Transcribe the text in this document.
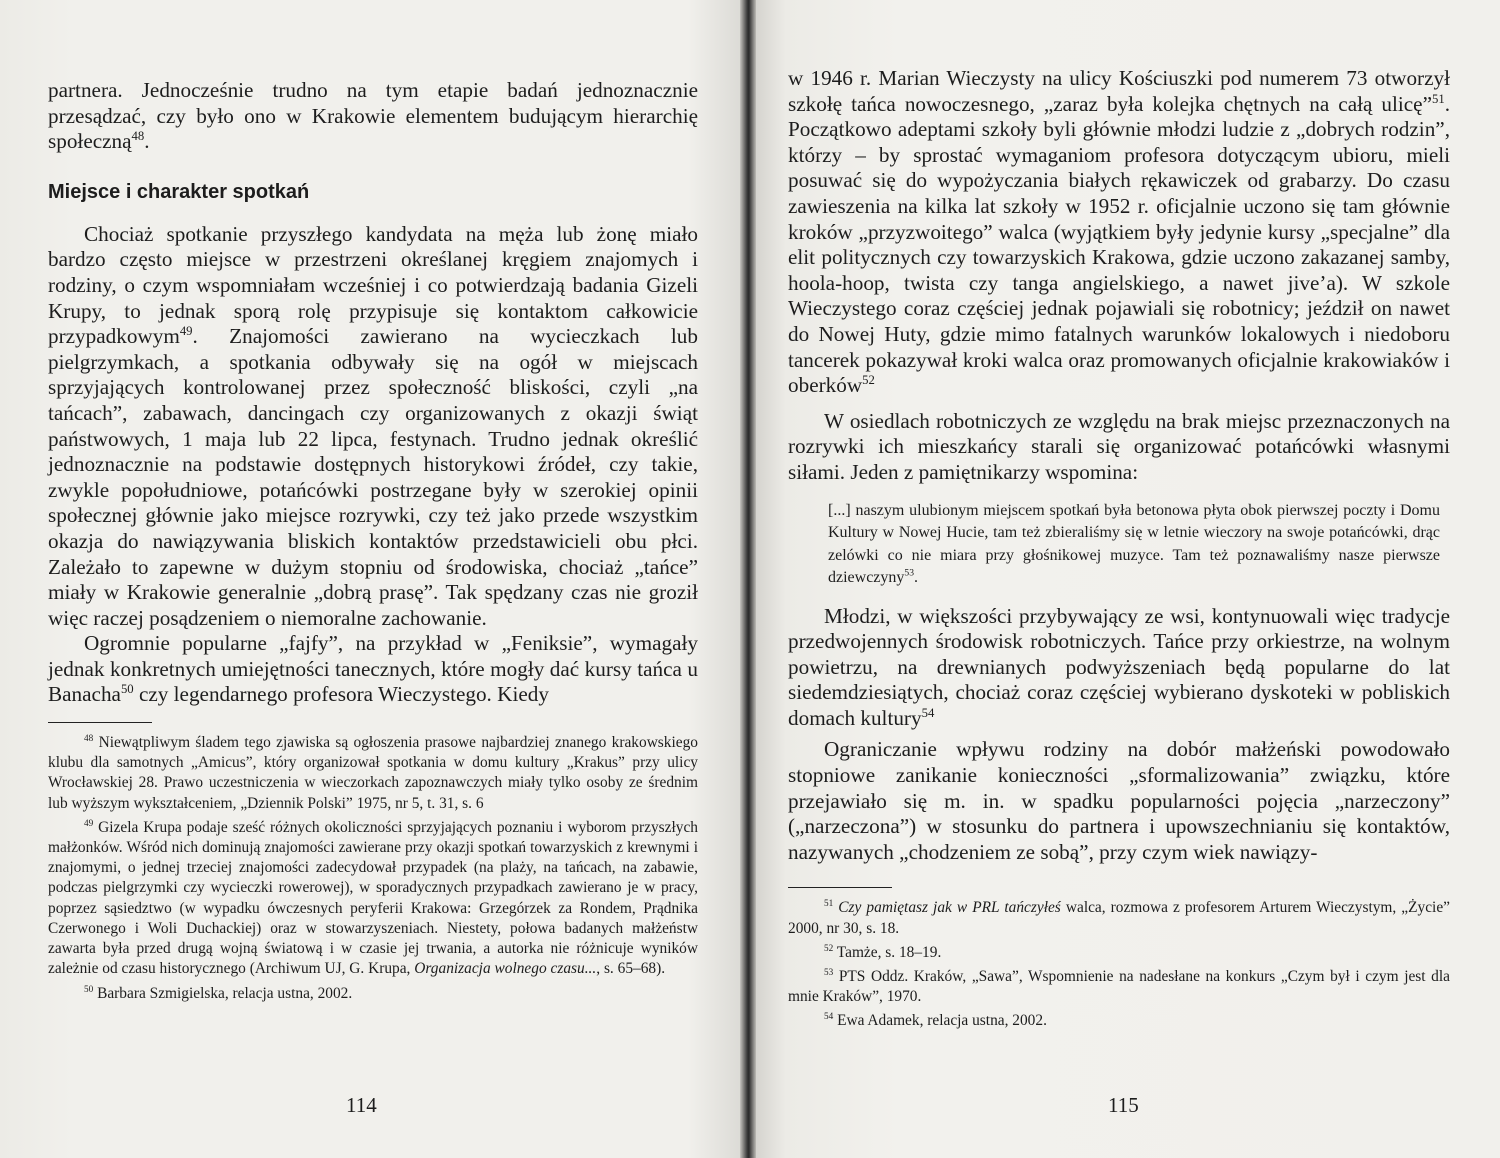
partnera. Jednocześnie trudno na tym etapie badań jednoznacznie przesądzać, czy było ono w Krakowie elementem budującym hierarchię społeczną$^{48}$.

Miejsce i charakter spotkań

Chociaż spotkanie przyszłego kandydata na męża lub żonę miało bardzo często miejsce w przestrzeni określanej kręgiem znajomych i rodziny, o czym wspomniałam wcześniej i co potwierdzają badania Gizeli Krupy, to jednak sporą rolę przypisuje się kontaktom całkowicie przypadkowym$^{49}$. Znajomości zawierano na wycieczkach lub pielgrzymkach, a spotkania odbywały się na ogół w miejscach sprzyjających kontrolowanej przez społeczność bliskości, czyli „na tańcach”, zabawach, dancingach czy organizowanych z okazji świąt państwowych, 1 maja lub 22 lipca, festynach. Trudno jednak określić jednoznacznie na podstawie dostępnych historykowi źródeł, czy takie, zwykle popołudniowe, potańcówki postrzegane były w szerokiej opinii społecznej głównie jako miejsce rozrywki, czy też jako przede wszystkim okazja do nawiązywania bliskich kontaktów przedstawicieli obu płci. Zależało to zapewne w dużym stopniu od środowiska, chociaż „tańce” miały w Krakowie generalnie „dobrą prasę”. Tak spędzany czas nie groził więc raczej posądzeniem o niemoralne zachowanie.

Ogromnie popularne „fajfy”, na przykład w „Feniksie”, wymagały jednak konkretnych umiejętności tanecznych, które mogły dać kursy tańca u Banacha$^{50}$ czy legendarnego profesora Wieczystego. Kiedy

$^{48}$ Niewątpliwym śladem tego zjawiska są ogłoszenia prasowe najbardziej znanego krakowskiego klubu dla samotnych „Amicus”, który organizował spotkania w domu kultury „Krakus” przy ulicy Wrocławskiej 28. Prawo uczestniczenia w wieczorkach zapoznawczych miały tylko osoby ze średnim lub wyższym wykształceniem, „Dziennik Polski” 1975, nr 5, t. 31, s. 6

$^{49}$ Gizela Krupa podaje sześć różnych okoliczności sprzyjających poznaniu i wyborom przyszłych małżonków. Wśród nich dominują znajomości zawierane przy okazji spotkań towarzyskich z krewnymi i znajomymi, o jednej trzeciej znajomości zadecydował przypadek (na plaży, na tańcach, na zabawie, podczas pielgrzymki czy wycieczki rowerowej), w sporadycznych przypadkach zawierano je w pracy, poprzez sąsiedztwo (w wypadku ówczesnych peryferii Krakowa: Grzegórzek za Rondem, Prądnika Czerwonego i Woli Duchackiej) oraz w stowarzyszeniach. Niestety, połowa badanych małżeństw zawarta była przed drugą wojną światową i w czasie jej trwania, a autorka nie różnicuje wyników zależnie od czasu historycznego (Archiwum UJ, G. Krupa, Organizacja wolnego czasu..., s. 65–68).

$^{50}$ Barbara Szmigielska, relacja ustna, 2002.

114

w 1946 r. Marian Wieczysty na ulicy Kościuszki pod numerem 73 otworzył szkołę tańca nowoczesnego, „zaraz była kolejka chętnych na całą ulicę”$^{51}$. Początkowo adeptami szkoły byli głównie młodzi ludzie z „dobrych rodzin”, którzy – by sprostać wymaganiom profesora dotyczącym ubioru, mieli posuwać się do wypożyczania białych rękawiczek od grabarzy. Do czasu zawieszenia na kilka lat szkoły w 1952 r. oficjalnie uczono się tam głównie kroków „przyzwoitego” walca (wyjątkiem były jedynie kursy „specjalne” dla elit politycznych czy towarzyskich Krakowa, gdzie uczono zakazanej samby, hoola-hoop, twista czy tanga angielskiego, a nawet jive’a). W szkole Wieczystego coraz częściej jednak pojawiali się robotnicy; jeździł on nawet do Nowej Huty, gdzie mimo fatalnych warunków lokalowych i niedoboru tancerek pokazywał kroki walca oraz promowanych oficjalnie krakowiaków i oberków$^{52}$

W osiedlach robotniczych ze względu na brak miejsc przeznaczonych na rozrywki ich mieszkańcy starali się organizować potańcówki własnymi siłami. Jeden z pamiętnikarzy wspomina:

[...] naszym ulubionym miejscem spotkań była betonowa płyta obok pierwszej poczty i Domu Kultury w Nowej Hucie, tam też zbieraliśmy się w letnie wieczory na swoje potańcówki, drąc zelówki co nie miara przy głośnikowej muzyce. Tam też poznawaliśmy nasze pierwsze dziewczyny$^{53}$.

Młodzi, w większości przybywający ze wsi, kontynuowali więc tradycje przedwojennych środowisk robotniczych. Tańce przy orkiestrze, na wolnym powietrzu, na drewnianych podwyższeniach będą popularne do lat siedemdziesiątych, chociaż coraz częściej wybierano dyskoteki w pobliskich domach kultury$^{54}$

Ograniczanie wpływu rodziny na dobór małżeński powodowało stopniowe zanikanie konieczności „sformalizowania” związku, które przejawiało się m. in. w spadku popularności pojęcia „narzeczony” („narzeczona”) w stosunku do partnera i upowszechnianiu się kontaktów, nazywanych „chodzeniem ze sobą”, przy czym wiek nawiązy-

$^{51}$ Czy pamiętasz jak w PRL tańczyłeś walca, rozmowa z profesorem Arturem Wieczystym, „Życie” 2000, nr 30, s. 18.

$^{52}$ Tamże, s. 18–19.

$^{53}$ PTS Oddz. Kraków, „Sawa”, Wspomnienie na nadesłane na konkurs „Czym był i czym jest dla mnie Kraków”, 1970.

$^{54}$ Ewa Adamek, relacja ustna, 2002.

115
